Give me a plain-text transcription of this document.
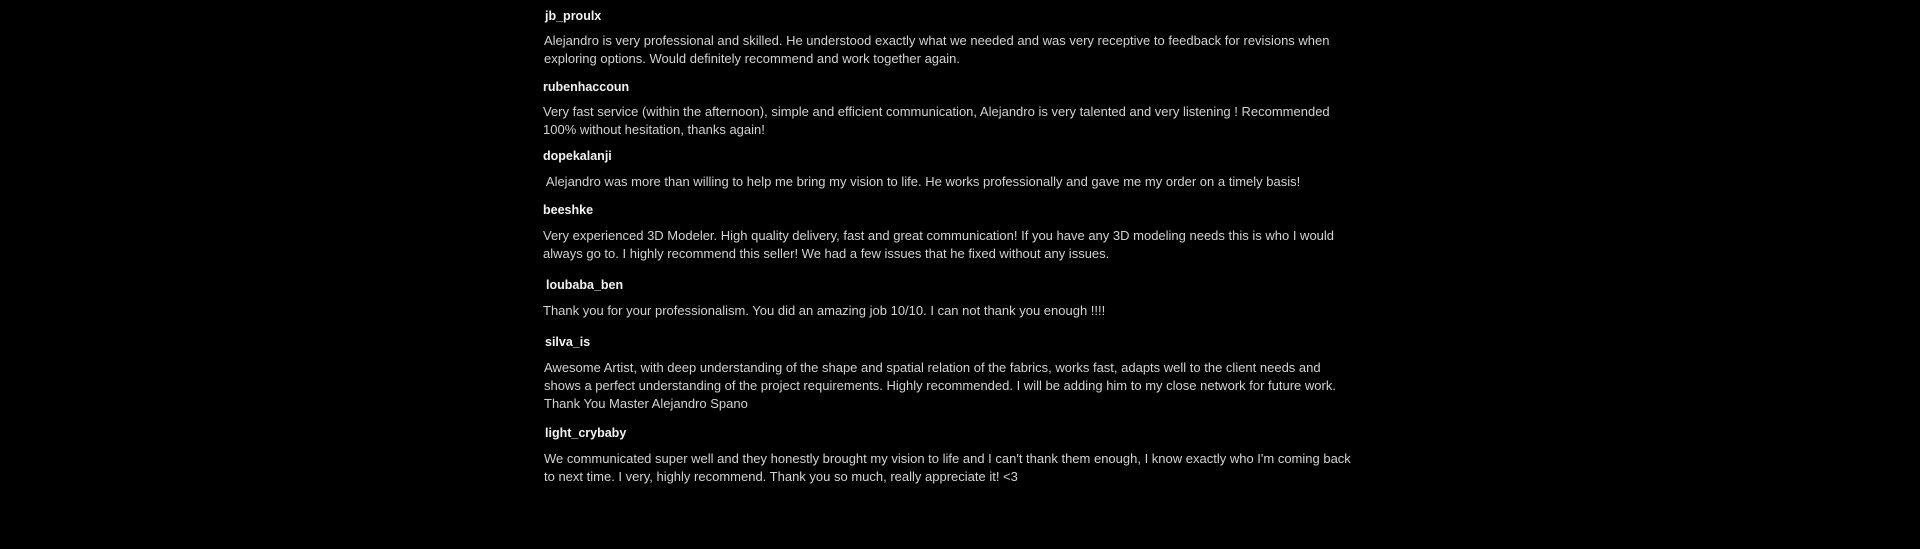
jb_proulx
Alejandro is very professional and skilled. He understood exactly what we needed and was very receptive to feedback for revisions when
exploring options. Would definitely recommend and work together again.
rubenhaccoun
Very fast service (within the afternoon), simple and efficient communication, Alejandro is very talented and very listening ! Recommended
100% without hesitation, thanks again!
dopekalanji
Alejandro was more than willing to help me bring my vision to life. He works professionally and gave me my order on a timely basis!
beeshke
Very experienced 3D Modeler. High quality delivery, fast and great communication! If you have any 3D modeling needs this is who I would
always go to. I highly recommend this seller! We had a few issues that he fixed without any issues.
loubaba_ben
Thank you for your professionalism. You did an amazing job 10/10. I can not thank you enough !!!!
silva_is
Awesome Artist, with deep understanding of the shape and spatial relation of the fabrics, works fast, adapts well to the client needs and
shows a perfect understanding of the project requirements. Highly recommended. I will be adding him to my close network for future work.
Thank You Master Alejandro Spano
light_crybaby
We communicated super well and they honestly brought my vision to life and I can't thank them enough, I know exactly who I'm coming back
to next time. I very, highly recommend. Thank you so much, really appreciate it! <3
